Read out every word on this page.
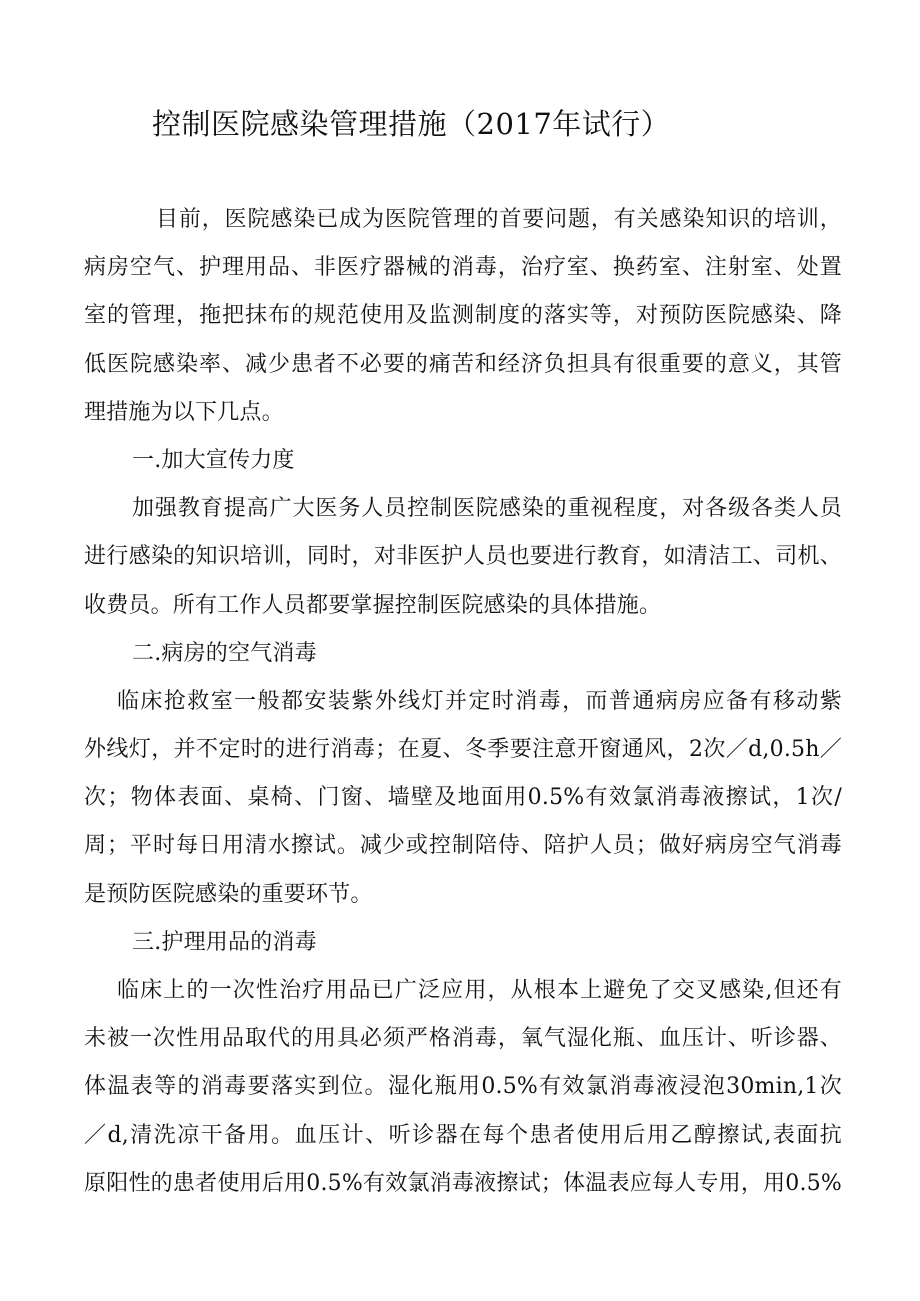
控制医院感染管理措施（2017年试行）

目前，医院感染已成为医院管理的首要问题，有关感染知识的培训，

病房空气、护理用品、非医疗器械的消毒，治疗室、换药室、注射室、处置

室的管理，拖把抹布的规范使用及监测制度的落实等，对预防医院感染、降

低医院感染率、减少患者不必要的痛苦和经济负担具有很重要的意义，其管

理措施为以下几点。

一.加大宣传力度

加强教育提高广大医务人员控制医院感染的重视程度，对各级各类人员

进行感染的知识培训，同时，对非医护人员也要进行教育，如清洁工、司机、

收费员。所有工作人员都要掌握控制医院感染的具体措施。

二.病房的空气消毒

临床抢救室一般都安装紫外线灯并定时消毒，而普通病房应备有移动紫

外线灯，并不定时的进行消毒；在夏、冬季要注意开窗通风，2次／d,0.5h／

次；物体表面、桌椅、门窗、墙壁及地面用0.5%有效氯消毒液擦试，1次/

周；平时每日用清水擦试。减少或控制陪侍、陪护人员；做好病房空气消毒

是预防医院感染的重要环节。

三.护理用品的消毒

临床上的一次性治疗用品已广泛应用，从根本上避免了交叉感染,但还有

未被一次性用品取代的用具必须严格消毒，氧气湿化瓶、血压计、听诊器、

体温表等的消毒要落实到位。湿化瓶用0.5%有效氯消毒液浸泡30min,1次

／d,清洗凉干备用。血压计、听诊器在每个患者使用后用乙醇擦试,表面抗

原阳性的患者使用后用0.5%有效氯消毒液擦试；体温表应每人专用，用0.5%
